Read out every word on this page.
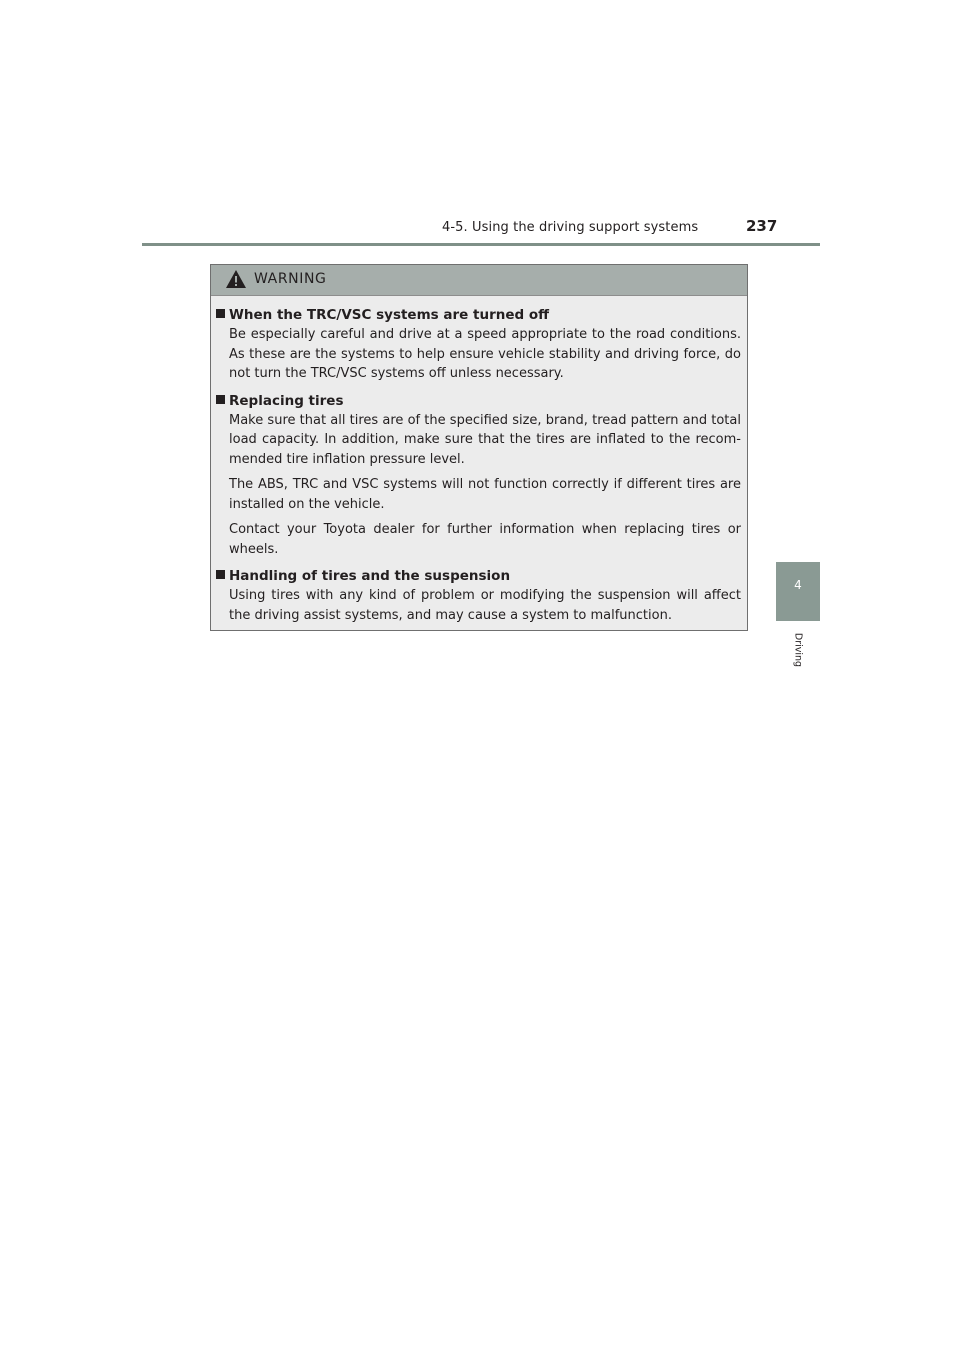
4-5. Using the driving support systems	237
4
Driving
WARNING
When the TRC/VSC systems are turned off

Be especially careful and drive at a speed appropriate to the road conditions. As these are the systems to help ensure vehicle stability and driving force, do not turn the TRC/VSC systems off unless necessary.

Replacing tires

Make sure that all tires are of the specified size, brand, tread pattern and total load capacity. In addition, make sure that the tires are inflated to the recom-mended tire inflation pressure level.

The ABS, TRC and VSC systems will not function correctly if different tires are installed on the vehicle.

Contact your Toyota dealer for further information when replacing tires or wheels.

Handling of tires and the suspension

Using tires with any kind of problem or modifying the suspension will affect the driving assist systems, and may cause a system to malfunction.
